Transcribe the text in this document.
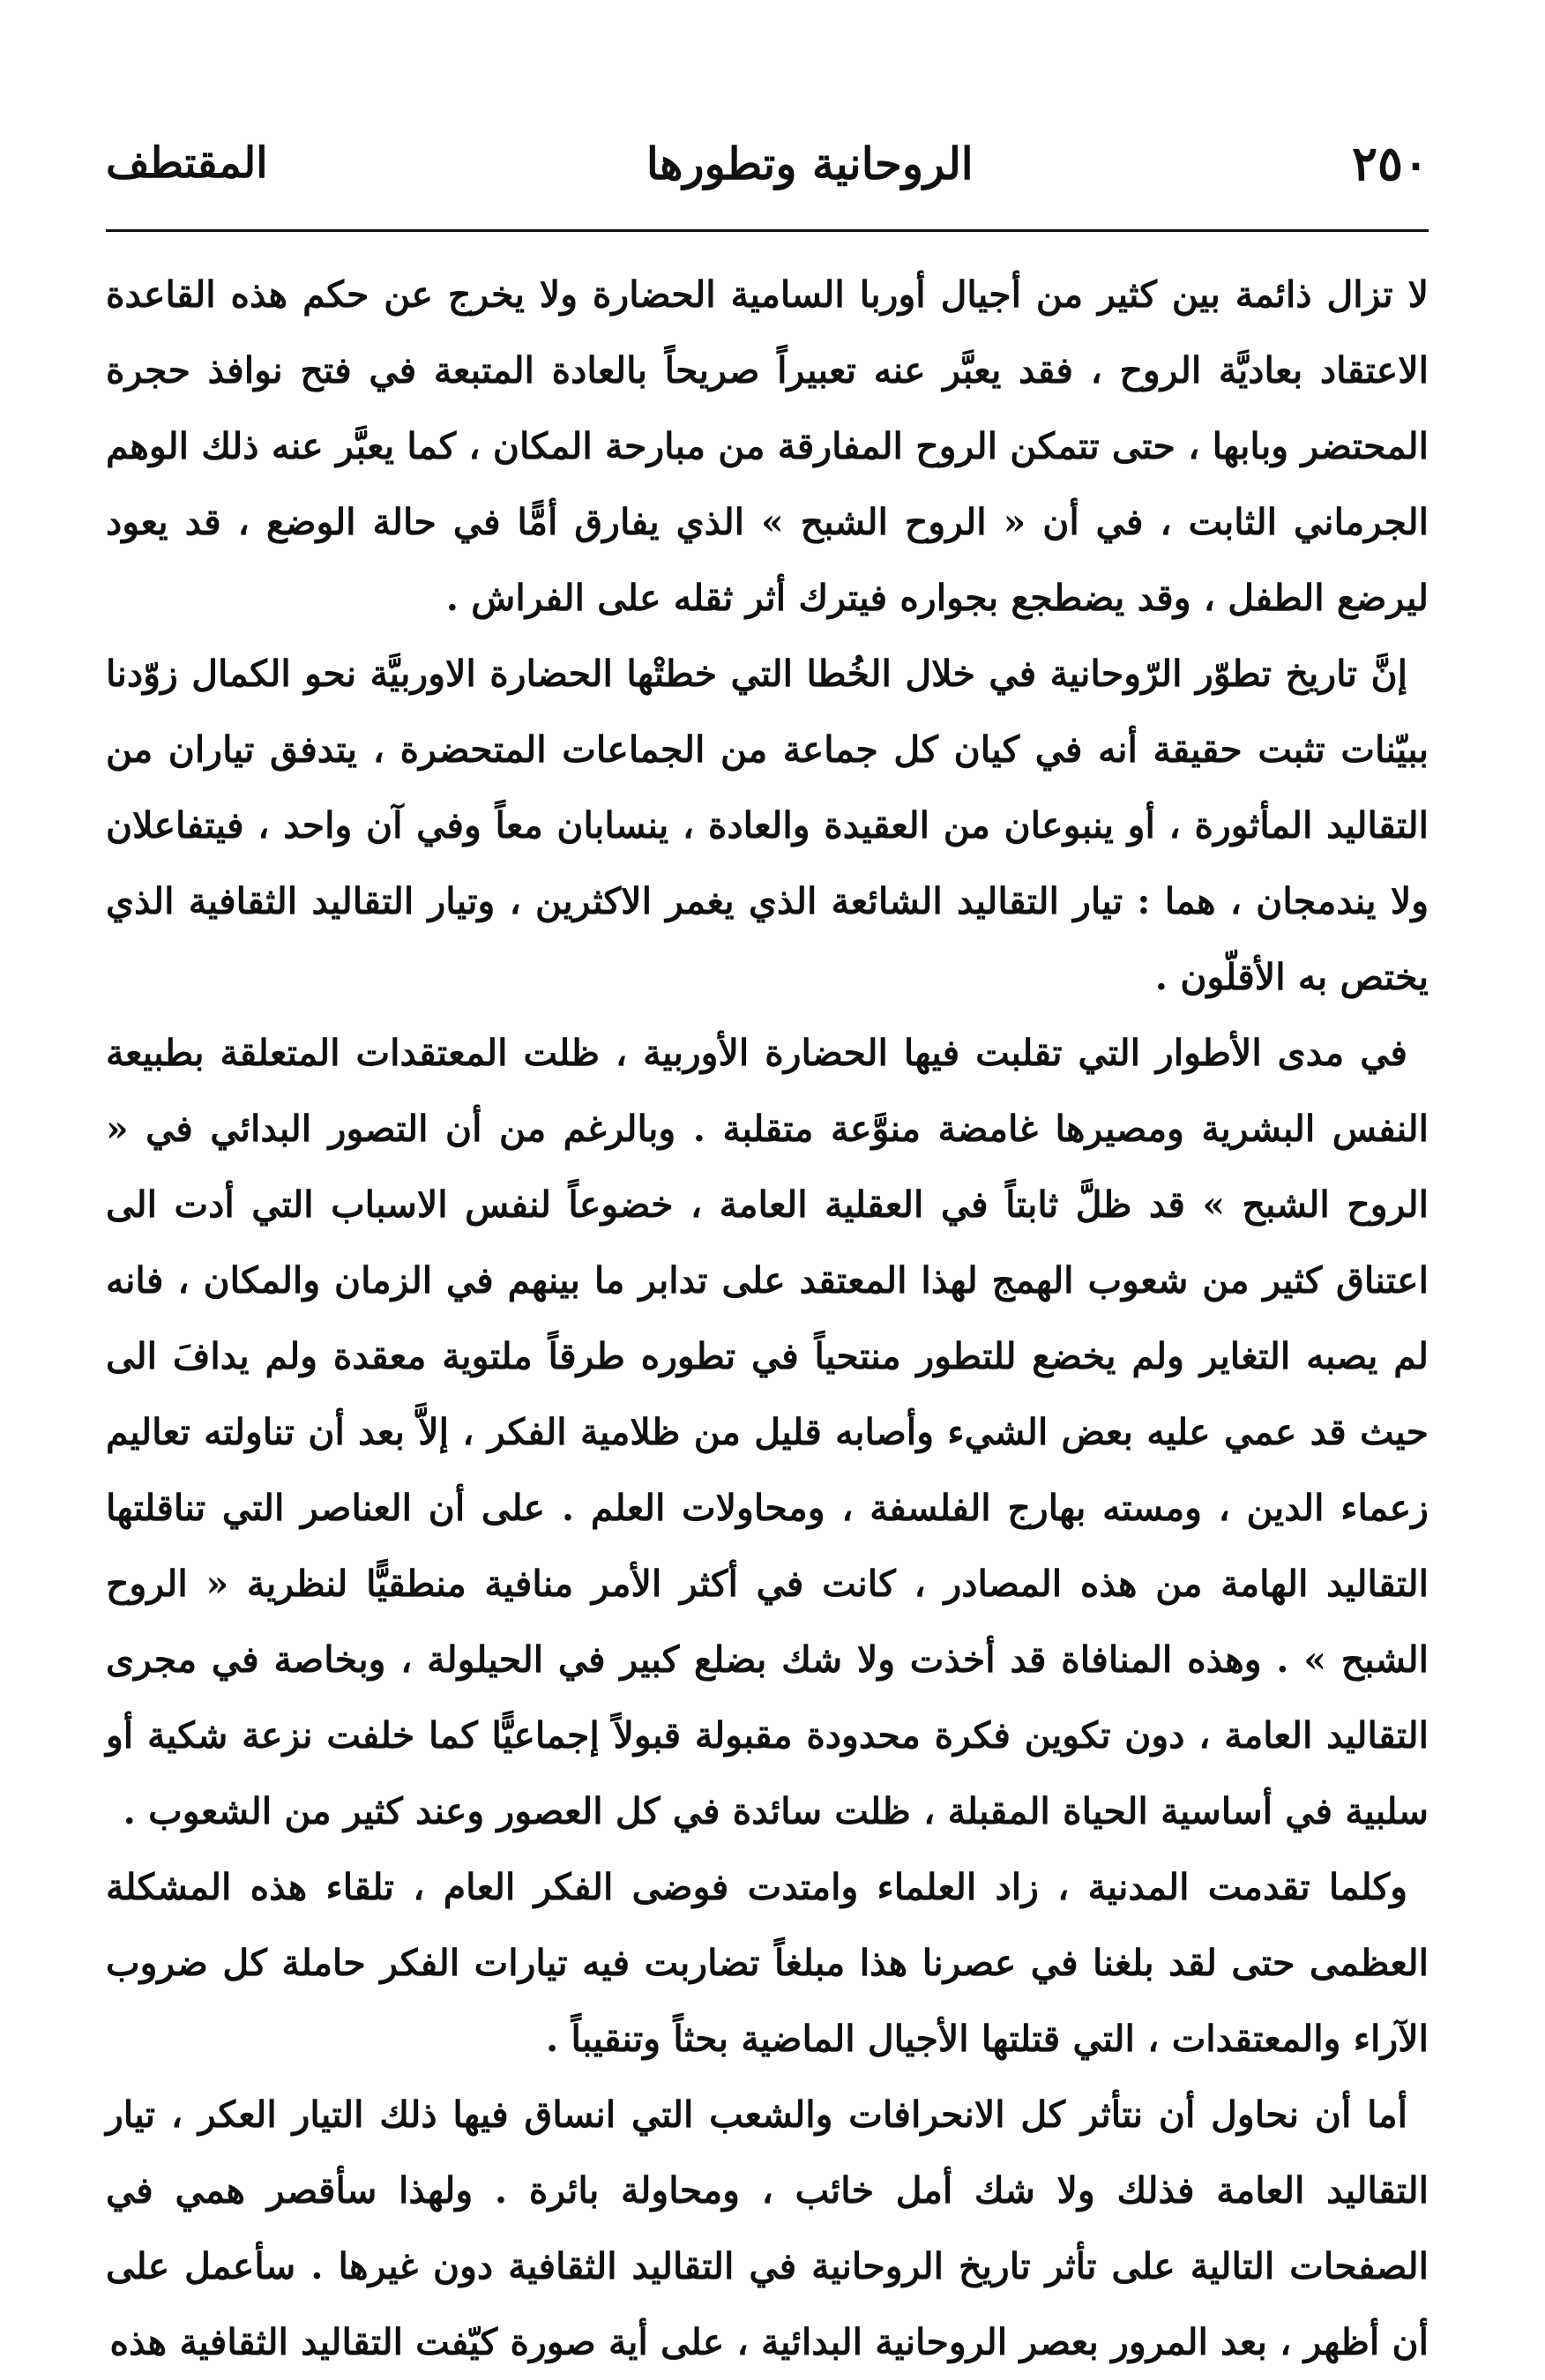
٢٥٠
الروحانية وتطورها
المقتطف

لا تزال ذائمة بين كثير من أجيال أوربا السامية الحضارة ولا يخرج عن حكم هذه القاعدة الاعتقاد بعاديَّة الروح ، فقد يعبَّر عنه تعبيراً صريحاً بالعادة المتبعة في فتح نوافذ حجرة المحتضر وبابها ، حتى تتمكن الروح المفارقة من مبارحة المكان ، كما يعبَّر عنه ذلك الوهم الجرماني الثابت ، في أن « الروح الشبح » الذي يفارق أمًّا في حالة الوضع ، قد يعود ليرضع الطفل ، وقد يضطجع بجواره فيترك أثر ثقله على الفراش .

إنَّ تاريخ تطوّر الرّوحانية في خلال الخُطا التي خطتْها الحضارة الاوربيَّة نحو الكمال زوّدنا ببيّنات تثبت حقيقة أنه في كيان كل جماعة من الجماعات المتحضرة ، يتدفق تياران من التقاليد المأثورة ، أو ينبوعان من العقيدة والعادة ، ينسابان معاً وفي آن واحد ، فيتفاعلان ولا يندمجان ، هما : تيار التقاليد الشائعة الذي يغمر الاكثرين ، وتيار التقاليد الثقافية الذي يختص به الأقلّون .

في مدى الأطوار التي تقلبت فيها الحضارة الأوربية ، ظلت المعتقدات المتعلقة بطبيعة النفس البشرية ومصيرها غامضة منوَّعة متقلبة . وبالرغم من أن التصور البدائي في « الروح الشبح » قد ظلَّ ثابتاً في العقلية العامة ، خضوعاً لنفس الاسباب التي أدت الى اعتناق كثير من شعوب الهمج لهذا المعتقد على تدابر ما بينهم في الزمان والمكان ، فانه لم يصبه التغاير ولم يخضع للتطور منتحياً في تطوره طرقاً ملتوية معقدة ولم يدافَ الى حيث قد عمي عليه بعض الشيء وأصابه قليل من ظلامية الفكر ، إلاَّ بعد أن تناولته تعاليم زعماء الدين ، ومسته بهارج الفلسفة ، ومحاولات العلم . على أن العناصر التي تناقلتها التقاليد الهامة من هذه المصادر ، كانت في أكثر الأمر منافية منطقيًّا لنظرية « الروح الشبح » . وهذه المنافاة قد أخذت ولا شك بضلع كبير في الحيلولة ، وبخاصة في مجرى التقاليد العامة ، دون تكوين فكرة محدودة مقبولة قبولاً إجماعيًّا كما خلفت نزعة شكية أو سلبية في أساسية الحياة المقبلة ، ظلت سائدة في كل العصور وعند كثير من الشعوب .

وكلما تقدمت المدنية ، زاد العلماء وامتدت فوضى الفكر العام ، تلقاء هذه المشكلة العظمى حتى لقد بلغنا في عصرنا هذا مبلغاً تضاربت فيه تيارات الفكر حاملة كل ضروب الآراء والمعتقدات ، التي قتلتها الأجيال الماضية بحثاً وتنقيباً .

أما أن نحاول أن نتأثر كل الانحرافات والشعب التي انساق فيها ذلك التيار العكر ، تيار التقاليد العامة فذلك ولا شك أمل خائب ، ومحاولة بائرة . ولهذا سأقصر همي في الصفحات التالية على تأثر تاريخ الروحانية في التقاليد الثقافية دون غيرها . سأعمل على أن أظهر ، بعد المرور بعصر الروحانية البدائية ، على أية صورة كيّفت التقاليد الثقافية هذه
